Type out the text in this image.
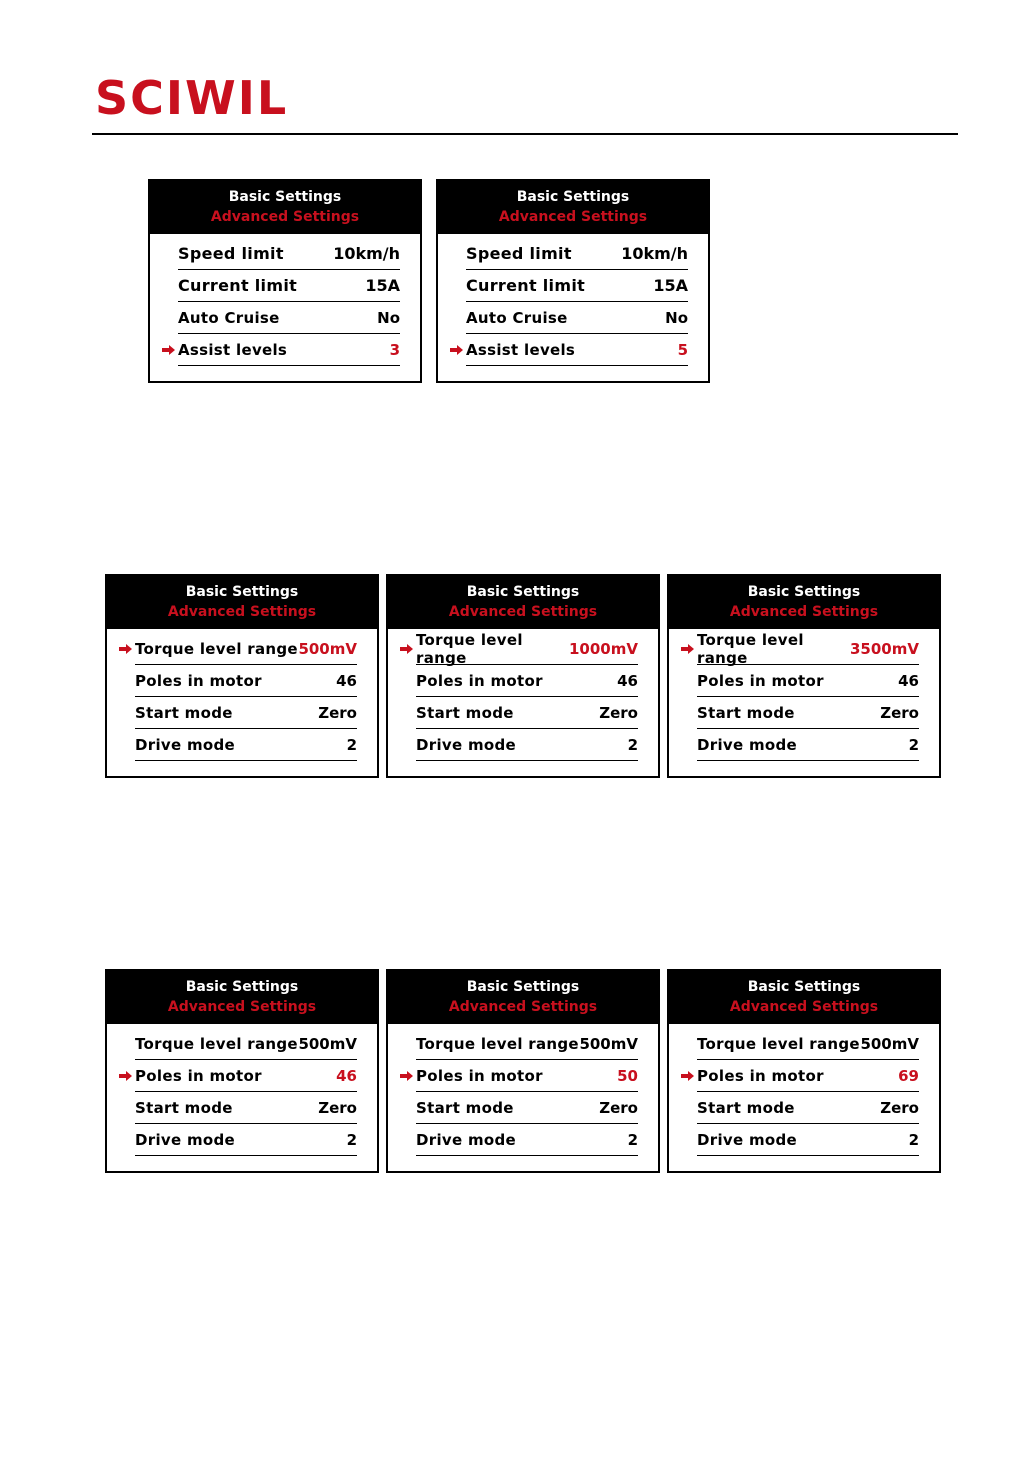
SCIWIL
Basic Settings
Advanced Settings
Speed limit	10km/h
Current limit	15A
Auto Cruise	No
Assist levels	3
Basic Settings
Advanced Settings
Speed limit	10km/h
Current limit	15A
Auto Cruise	No
Assist levels	5
Basic Settings
Advanced Settings
Torque level range 500mV
Poles in motor	46
Start mode	Zero
Drive mode	2
Basic Settings
Advanced Settings
Torque level range	1000mV
Poles in motor	46
Start mode	Zero
Drive mode	2
Basic Settings
Advanced Settings
Torque level range	3500mV
Poles in motor	46
Start mode	Zero
Drive mode	2
Basic Settings
Advanced Settings
Torque level range 500mV
Poles in motor	46
Start mode	Zero
Drive mode	2
Basic Settings
Advanced Settings
Torque level range 500mV
Poles in motor	50
Start mode	Zero
Drive mode	2
Basic Settings
Advanced Settings
Torque level range 500mV
Poles in motor	69
Start mode	Zero
Drive mode	2
